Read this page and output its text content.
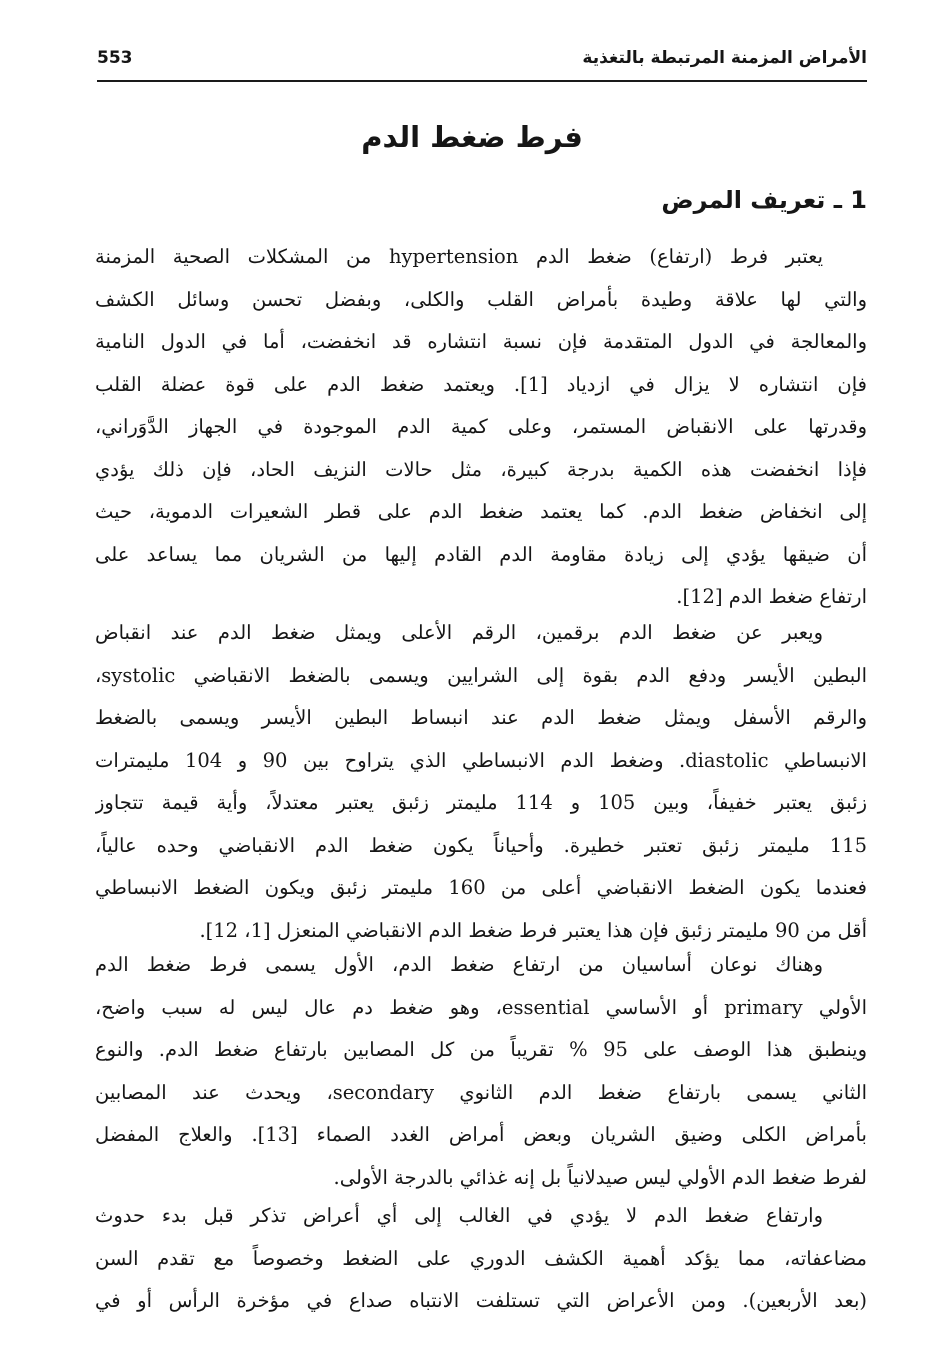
الأمراض المزمنة المرتبطة بالتغذية
553
فرط ضغط الدم
1 ـ تعريف المرض
يعتبر فرط (ارتفاع) ضغط الدم hypertension من المشكلات الصحية المزمنة
والتي لها علاقة وطيدة بأمراض القلب والكلى، وبفضل تحسن وسائل الكشف
والمعالجة في الدول المتقدمة فإن نسبة انتشاره قد انخفضت، أما في الدول النامية
فإن انتشاره لا يزال في ازدياد [1]. ويعتمد ضغط الدم على قوة عضلة القلب
وقدرتها على الانقباض المستمر، وعلى كمية الدم الموجودة في الجهاز الدَّوَراني،
فإذا انخفضت هذه الكمية بدرجة كبيرة، مثل حالات النزيف الحاد، فإن ذلك يؤدي
إلى انخفاض ضغط الدم. كما يعتمد ضغط الدم على قطر الشعيرات الدموية، حيث
أن ضيقها يؤدي إلى زيادة مقاومة الدم القادم إليها من الشريان مما يساعد على
ارتفاع ضغط الدم [12].
ويعبر عن ضغط الدم برقمين، الرقم الأعلى ويمثل ضغط الدم عند انقباض
البطين الأيسر ودفع الدم بقوة إلى الشرايين ويسمى بالضغط الانقباضي systolic،
والرقم الأسفل ويمثل ضغط الدم عند انبساط البطين الأيسر ويسمى بالضغط
الانبساطي diastolic. وضغط الدم الانبساطي الذي يتراوح بين 90 و 104 مليمترات
زئبق يعتبر خفيفاً، وبين 105 و 114 مليمتر زئبق يعتبر معتدلاً، وأية قيمة تتجاوز
115 مليمتر زئبق تعتبر خطيرة. وأحياناً يكون ضغط الدم الانقباضي وحده عالياً،
فعندما يكون الضغط الانقباضي أعلى من 160 مليمتر زئبق ويكون الضغط الانبساطي
أقل من 90 مليمتر زئبق فإن هذا يعتبر فرط ضغط الدم الانقباضي المنعزل [1، 12].
وهناك نوعان أساسيان من ارتفاع ضغط الدم، الأول يسمى فرط ضغط الدم
الأولي primary أو الأساسي essential، وهو ضغط دم عال ليس له سبب واضح،
وينطبق هذا الوصف على 95 % تقريباً من كل المصابين بارتفاع ضغط الدم. والنوع
الثاني يسمى بارتفاع ضغط الدم الثانوي secondary، ويحدث عند المصابين
بأمراض الكلى وضيق الشريان وبعض أمراض الغدد الصماء [13]. والعلاج المفضل
لفرط ضغط الدم الأولي ليس صيدلانياً بل إنه غذائي بالدرجة الأولى.
وارتفاع ضغط الدم لا يؤدي في الغالب إلى أي أعراض تذكر قبل بدء حدوث
مضاعفاته، مما يؤكد أهمية الكشف الدوري على الضغط وخصوصاً مع تقدم السن
(بعد الأربعين). ومن الأعراض التي تستلفت الانتباه صداع في مؤخرة الرأس أو في
